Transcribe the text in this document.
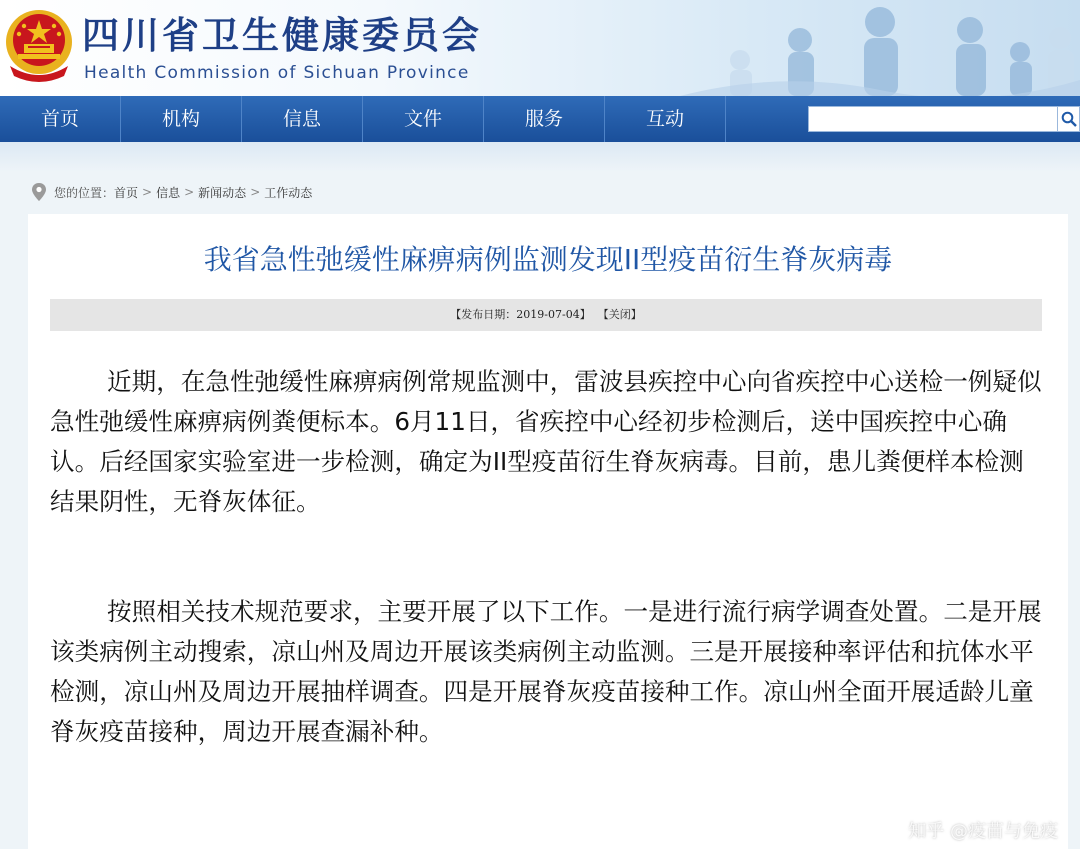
四川省卫生健康委员会
Health Commission of Sichuan Province
首页	机构	信息	文件	服务	互动
您的位置： 首页 > 信息 > 新闻动态 > 工作动态
我省急性弛缓性麻痹病例监测发现II型疫苗衍生脊灰病毒
【发布日期：2019-07-04】 【关闭】
近期，在急性弛缓性麻痹病例常规监测中，雷波县疾控中心向省疾控中心送检一例疑似急性弛缓性麻痹病例粪便标本。6月11日，省疾控中心经初步检测后，送中国疾控中心确认。后经国家实验室进一步检测，确定为II型疫苗衍生脊灰病毒。目前，患儿粪便样本检测结果阴性，无脊灰体征。
按照相关技术规范要求，主要开展了以下工作。一是进行流行病学调查处置。二是开展该类病例主动搜索，凉山州及周边开展该类病例主动监测。三是开展接种率评估和抗体水平检测，凉山州及周边开展抽样调查。四是开展脊灰疫苗接种工作。凉山州全面开展适龄儿童脊灰疫苗接种，周边开展查漏补种。
知乎 @疫苗与免疫
